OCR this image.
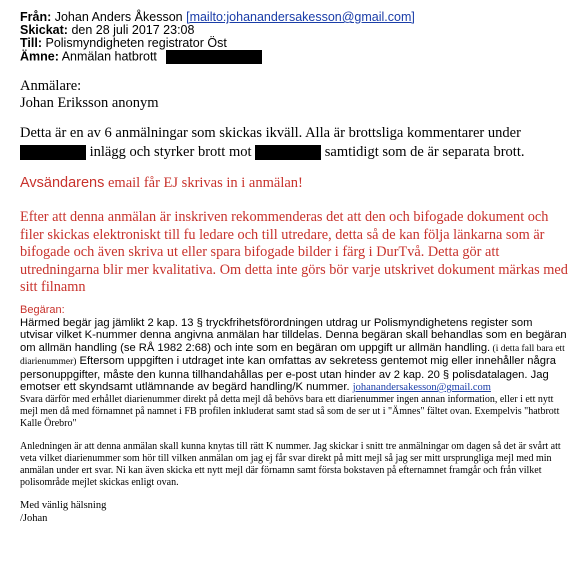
Från: Johan Anders Åkesson [mailto:johanandersakesson@gmail.com]
Skickat: den 28 juli 2017 23:08
Till: Polismyndigheten registrator Öst
Ämne: Anmälan hatbrott

Anmälare:

Johan Eriksson anonym

Detta är en av 6 anmälningar som skickas ikväll. Alla är brottsliga kommentarer under

inlägg och styrker brott mot	samtidigt som de är separata brott.

Avsändarens email får EJ skrivas in i anmälan!

Efter att denna anmälan är inskriven rekommenderas det att den och bifogade dokument och filer skickas elektroniskt till fu ledare och till utredare, detta så de kan följa länkarna som är bifogade och även skriva ut eller spara bifogade bilder i färg i DurTvå. Detta gör att utredningarna blir mer kvalitativa. Om detta inte görs bör varje utskrivet dokument märkas med sitt filnamn

Begäran:

Härmed begär jag jämlikt 2 kap. 13 § tryckfrihetsförordningen utdrag ur Polismyndighetens register som utvisar vilket K-nummer denna angivna anmälan har tilldelas. Denna begäran skall behandlas som en begäran om allmän handling (se RÅ 1982 2:68) och inte som en begäran om uppgift ur allmän handling. (i detta fall bara ett diarienummer) Eftersom uppgiften i utdraget inte kan omfattas av sekretess gentemot mig eller innehåller några personuppgifter, måste den kunna tillhandahållas per e-post utan hinder av 2 kap. 20 § polisdatalagen. Jag emotser ett skyndsamt utlämnande av begärd handling/K nummer. johanandersakesson@gmail.com

Svara därför med erhållet diarienummer direkt på detta mejl då behövs bara ett diarienummer ingen annan information, eller i ett nytt mejl men då med förnamnet på namnet i FB profilen inkluderat samt stad så som de ser ut i "Ämnes" fältet ovan. Exempelvis "hatbrott Kalle Örebro"

Anledningen är att denna anmälan skall kunna knytas till rätt K nummer. Jag skickar i snitt tre anmälningar om dagen så det är svårt att veta vilket diarienummer som hör till vilken anmälan om jag ej får svar direkt på mitt mejl så jag ser mitt ursprungliga mejl med min anmälan under ert svar. Ni kan även skicka ett nytt mejl där förnamn samt första bokstaven på efternamnet framgår och från vilket polisområde mejlet skickas enligt ovan.

Med vänlig hälsning

/Johan
